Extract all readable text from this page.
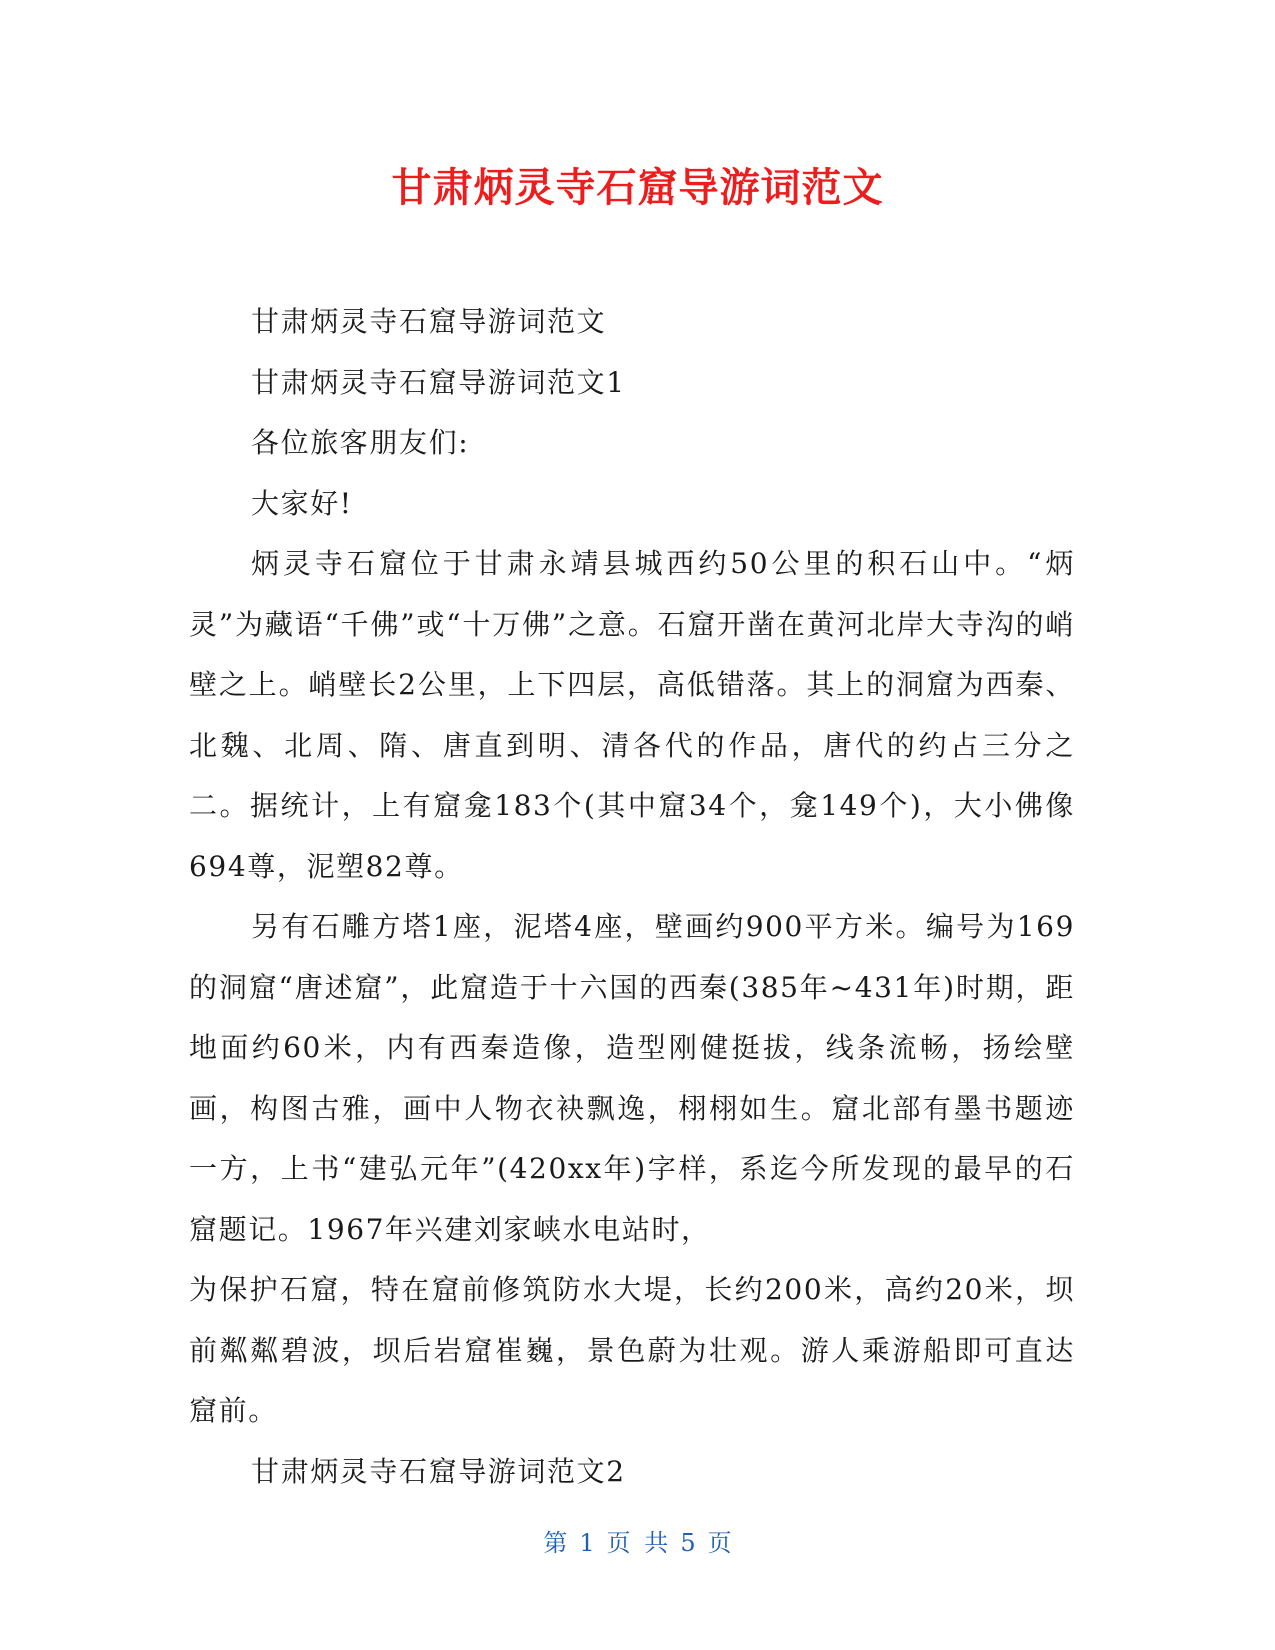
甘肃炳灵寺石窟导游词范文

甘肃炳灵寺石窟导游词范文

甘肃炳灵寺石窟导游词范文1

各位旅客朋友们:

大家好!

炳灵寺石窟位于甘肃永靖县城西约50公里的积石山中。“炳灵”为藏语“千佛”或“十万佛”之意。石窟开凿在黄河北岸大寺沟的峭壁之上。峭壁长2公里，上下四层，高低错落。其上的洞窟为西秦、北魏、北周、隋、唐直到明、清各代的作品，唐代的约占三分之二。据统计，上有窟龛183个(其中窟34个，龛149个)，大小佛像694尊，泥塑82尊。

另有石雕方塔1座，泥塔4座，壁画约900平方米。编号为169的洞窟“唐述窟”，此窟造于十六国的西秦(385年~431年)时期，距地面约60米，内有西秦造像，造型刚健挺拔，线条流畅，扬绘壁画，构图古雅，画中人物衣袂飘逸，栩栩如生。窟北部有墨书题迹一方，上书“建弘元年”(420xx年)字样，系迄今所发现的最早的石窟题记。1967年兴建刘家峡水电站时，

为保护石窟，特在窟前修筑防水大堤，长约200米，高约20米，坝前粼粼碧波，坝后岩窟崔巍，景色蔚为壮观。游人乘游船即可直达窟前。

甘肃炳灵寺石窟导游词范文2

第 1 页 共 5 页
